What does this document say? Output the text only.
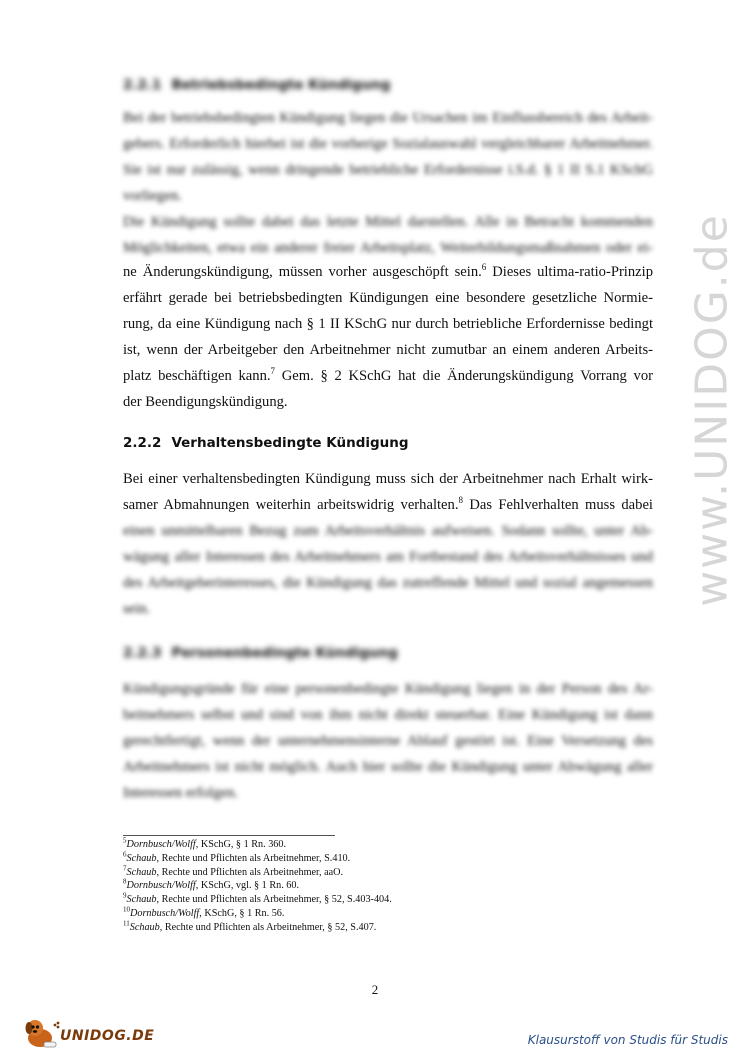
www.UNIDOG.de
2.2.1 Betriebsbedingte Kündigung
Bei der betriebsbedingten Kündigung liegen die Ursachen im Einflussbereich des Arbeit-
gebers. Erforderlich hierbei ist die vorherige Sozialauswahl vergleichbarer Arbeitnehmer.
Sie ist nur zulässig, wenn dringende betriebliche Erfordernisse i.S.d. § 1 II S.1 KSchG
vorliegen.
Die Kündigung sollte dabei das letzte Mittel darstellen. Alle in Betracht kommenden
Möglichkeiten, etwa ein anderer freier Arbeitsplatz, Weiterbildungsmaßnahmen oder ei-
ne Änderungskündigung, müssen vorher ausgeschöpft sein.$^6$ Dieses ultima-ratio-Prinzip
erfährt gerade bei betriebsbedingten Kündigungen eine besondere gesetzliche Normie-
rung, da eine Kündigung nach § 1 II KSchG nur durch betriebliche Erfordernisse bedingt
ist, wenn der Arbeitgeber den Arbeitnehmer nicht zumutbar an einem anderen Arbeits-
platz beschäftigen kann.$^7$ Gem. § 2 KSchG hat die Änderungskündigung Vorrang vor
der Beendigungskündigung.
2.2.2 Verhaltensbedingte Kündigung
Bei einer verhaltensbedingten Kündigung muss sich der Arbeitnehmer nach Erhalt wirk-
samer Abmahnungen weiterhin arbeitswidrig verhalten.$^8$ Das Fehlverhalten muss dabei
einen unmittelbaren Bezug zum Arbeitsverhältnis aufweisen. Sodann sollte, unter Ab-
wägung aller Interessen des Arbeitnehmers am Fortbestand des Arbeitsverhältnisses und
des Arbeitgeberinteresses, die Kündigung das zutreffende Mittel und sozial angemessen
sein.
2.2.3 Personenbedingte Kündigung
Kündigungsgründe für eine personenbedingte Kündigung liegen in der Person des Ar-
beitnehmers selbst und sind von ihm nicht direkt steuerbar. Eine Kündigung ist dann
gerechtfertigt, wenn der unternehmensinterne Ablauf gestört ist. Eine Versetzung des
Arbeitnehmers ist nicht möglich. Auch hier sollte die Kündigung unter Abwägung aller
Interessen erfolgen.
$^5$Dornbusch/Wolff, KSchG, § 1 Rn. 360.
$^6$Schaub, Rechte und Pflichten als Arbeitnehmer, S.410.
$^7$Schaub, Rechte und Pflichten als Arbeitnehmer, aaO.
$^8$Dornbusch/Wolff, KSchG, vgl. § 1 Rn. 60.
$^9$Schaub, Rechte und Pflichten als Arbeitnehmer, § 52, S.403-404.
$^{10}$Dornbusch/Wolff, KSchG, § 1 Rn. 56.
$^{11}$Schaub, Rechte und Pflichten als Arbeitnehmer, § 52, S.407.
2
UNIDOG.DE	Klausurstoff von Studis für Studis
